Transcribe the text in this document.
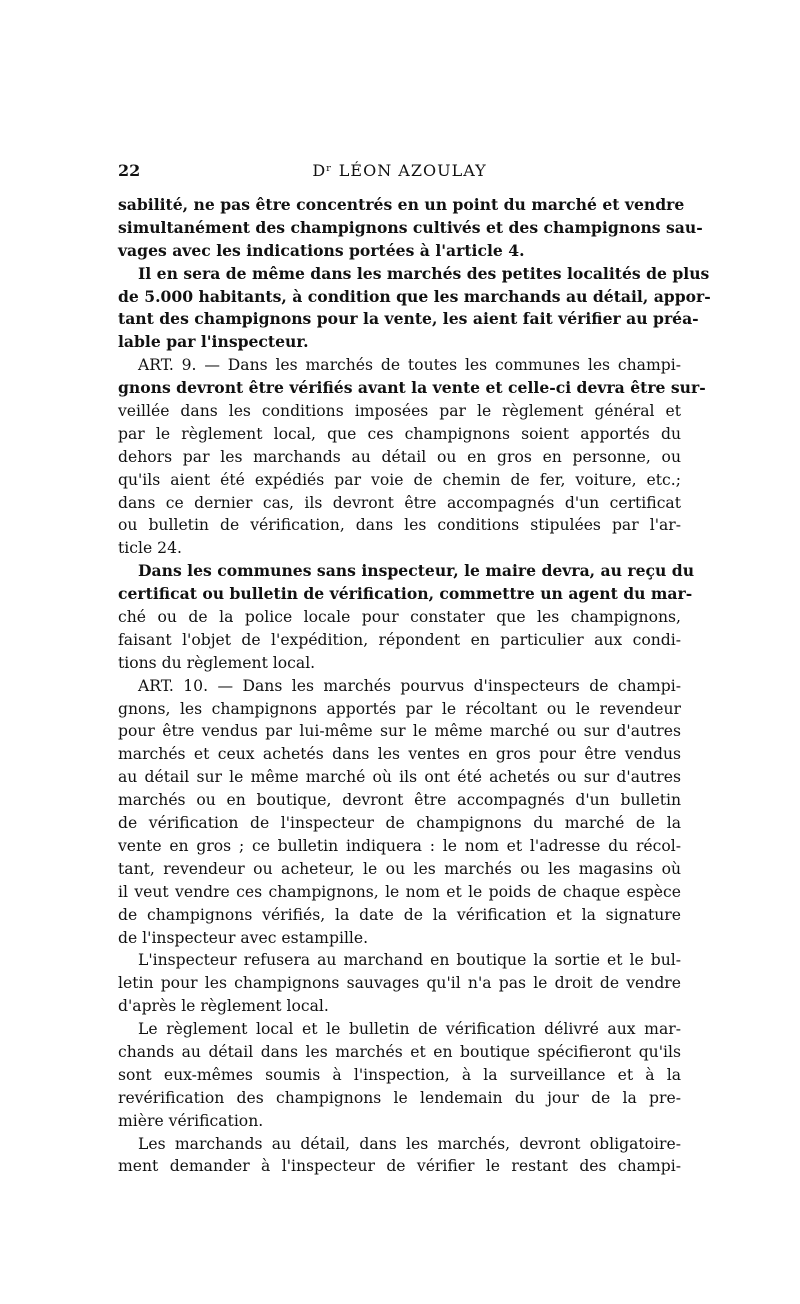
22	Dʳ LÉON AZOULAY
sabilité, ne pas être concentrés en un point du marché et vendre
simultanément des champignons cultivés et des champignons sau-
vages avec les indications portées à l'article 4.
Il en sera de même dans les marchés des petites localités de plus
de 5.000 habitants, à condition que les marchands au détail, appor-
tant des champignons pour la vente, les aient fait vérifier au préa-
lable par l'inspecteur.
ART. 9. — Dans les marchés de toutes les communes les champi-
gnons devront être vérifiés avant la vente et celle-ci devra être sur-
veillée dans les conditions imposées par le règlement général et
par le règlement local, que ces champignons soient apportés du
dehors par les marchands au détail ou en gros en personne, ou
qu'ils aient été expédiés par voie de chemin de fer, voiture, etc.;
dans ce dernier cas, ils devront être accompagnés d'un certificat
ou bulletin de vérification, dans les conditions stipulées par l'ar-
ticle 24.
Dans les communes sans inspecteur, le maire devra, au reçu du
certificat ou bulletin de vérification, commettre un agent du mar-
ché ou de la police locale pour constater que les champignons,
faisant l'objet de l'expédition, répondent en particulier aux condi-
tions du règlement local.
ART. 10. — Dans les marchés pourvus d'inspecteurs de champi-
gnons, les champignons apportés par le récoltant ou le revendeur
pour être vendus par lui-même sur le même marché ou sur d'autres
marchés et ceux achetés dans les ventes en gros pour être vendus
au détail sur le même marché où ils ont été achetés ou sur d'autres
marchés ou en boutique, devront être accompagnés d'un bulletin
de vérification de l'inspecteur de champignons du marché de la
vente en gros ; ce bulletin indiquera : le nom et l'adresse du récol-
tant, revendeur ou acheteur, le ou les marchés ou les magasins où
il veut vendre ces champignons, le nom et le poids de chaque espèce
de champignons vérifiés, la date de la vérification et la signature
de l'inspecteur avec estampille.
L'inspecteur refusera au marchand en boutique la sortie et le bul-
letin pour les champignons sauvages qu'il n'a pas le droit de vendre
d'après le règlement local.
Le règlement local et le bulletin de vérification délivré aux mar-
chands au détail dans les marchés et en boutique spécifieront qu'ils
sont eux-mêmes soumis à l'inspection, à la surveillance et à la
revérification des champignons le lendemain du jour de la pre-
mière vérification.
Les marchands au détail, dans les marchés, devront obligatoire-
ment demander à l'inspecteur de vérifier le restant des champi-
